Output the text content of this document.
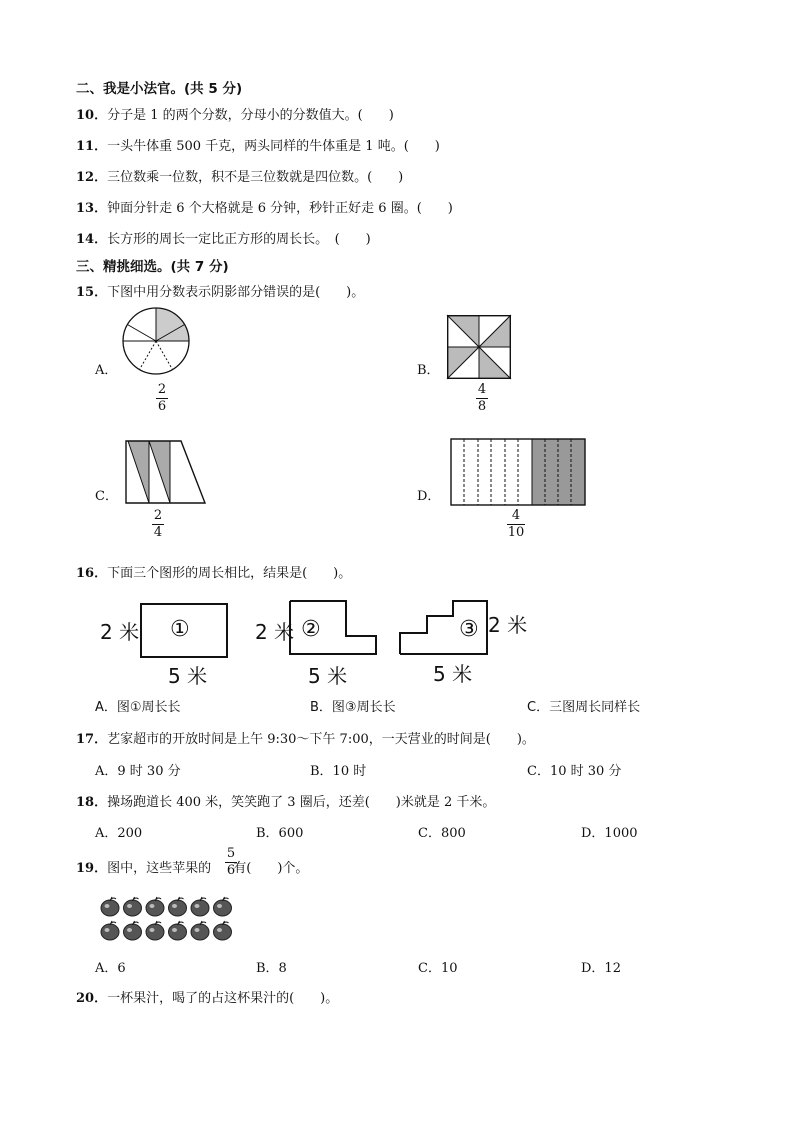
二、我是小法官。(共 5 分)
10．分子是 1 的两个分数，分母小的分数值大。(　　)
11．一头牛体重 500 千克，两头同样的牛体重是 1 吨。(　　)
12．三位数乘一位数，积不是三位数就是四位数。(　　)
13．钟面分针走 6 个大格就是 6 分钟，秒针正好走 6 圈。(　　)
14．长方形的周长一定比正方形的周长长。　(　　)
三、精挑细选。(共 7 分)
15．下图中用分数表示阴影部分错误的是(　　)。
A．
2
6
B．
4
8
C．
2
4
D．
4
10
16．下面三个图形的周长相比，结果是(　　)。
2 米 ①
5 米
2 米 ②
5 米
③ 2 米
5 米
A．图①周长长	B．图③周长长	C．三图周长同样长
17．艺家超市的开放时间是上午 9:30～下午 7:00，一天营业的时间是(　　)。
A．9 时 30 分	B．10 时	C．10 时 30 分
18．操场跑道长 400 米，笑笑跑了 3 圈后，还差(　　)米就是 2 千米。
A．200	B．600	C．800	D．1000
19．图中，这些苹果的 有(　　)个。
5
6
A．6	B．8	C．10	D．12
20．一杯果汁，喝了的占这杯果汁的(　　)。
